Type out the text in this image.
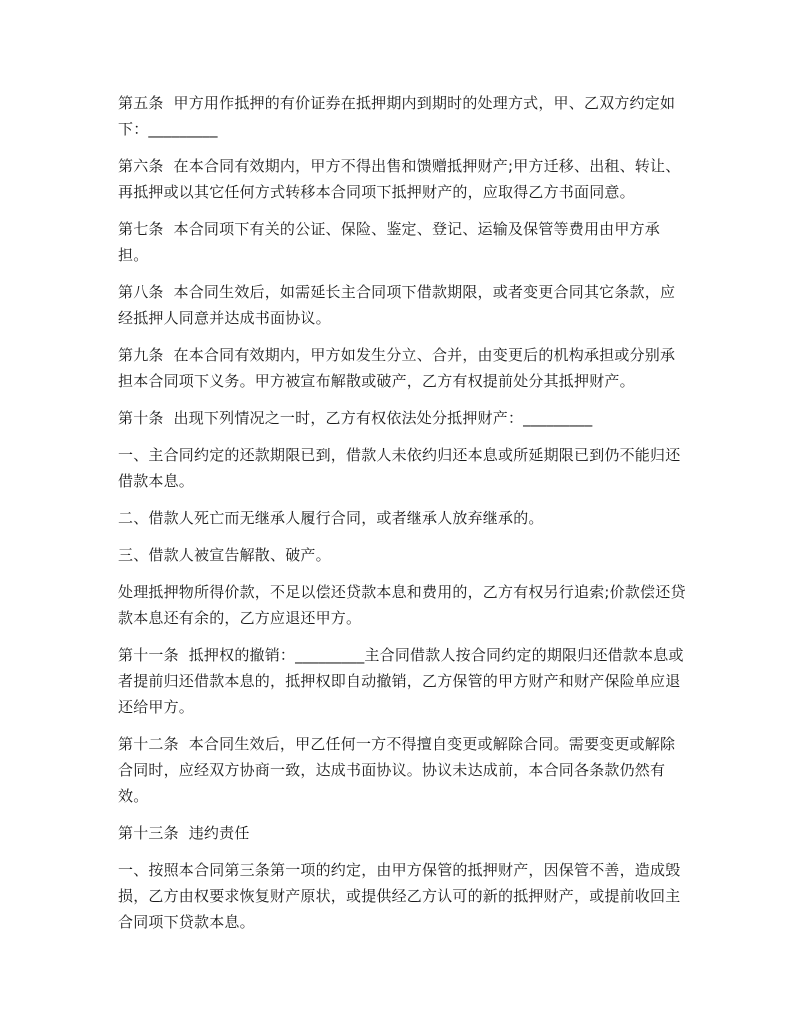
第五条  甲方用作抵押的有价证券在抵押期内到期时的处理方式，甲、乙双方约定如下：_________

第六条  在本合同有效期内，甲方不得出售和馈赠抵押财产;甲方迁移、出租、转让、再抵押或以其它任何方式转移本合同项下抵押财产的，应取得乙方书面同意。

第七条  本合同项下有关的公证、保险、鉴定、登记、运输及保管等费用由甲方承担。

第八条  本合同生效后，如需延长主合同项下借款期限，或者变更合同其它条款，应经抵押人同意并达成书面协议。

第九条  在本合同有效期内，甲方如发生分立、合并，由变更后的机构承担或分别承担本合同项下义务。甲方被宣布解散或破产，乙方有权提前处分其抵押财产。

第十条  出现下列情况之一时，乙方有权依法处分抵押财产：_________

一、主合同约定的还款期限已到，借款人未依约归还本息或所延期限已到仍不能归还借款本息。

二、借款人死亡而无继承人履行合同，或者继承人放弃继承的。

三、借款人被宣告解散、破产。

处理抵押物所得价款，不足以偿还贷款本息和费用的，乙方有权另行追索;价款偿还贷款本息还有余的，乙方应退还甲方。

第十一条  抵押权的撤销：_________主合同借款人按合同约定的期限归还借款本息或者提前归还借款本息的，抵押权即自动撤销，乙方保管的甲方财产和财产保险单应退还给甲方。

第十二条  本合同生效后，甲乙任何一方不得擅自变更或解除合同。需要变更或解除合同时，应经双方协商一致，达成书面协议。协议未达成前，本合同各条款仍然有效。

第十三条  违约责任

一、按照本合同第三条第一项的约定，由甲方保管的抵押财产，因保管不善，造成毁损，乙方由权要求恢复财产原状，或提供经乙方认可的新的抵押财产，或提前收回主合同项下贷款本息。
